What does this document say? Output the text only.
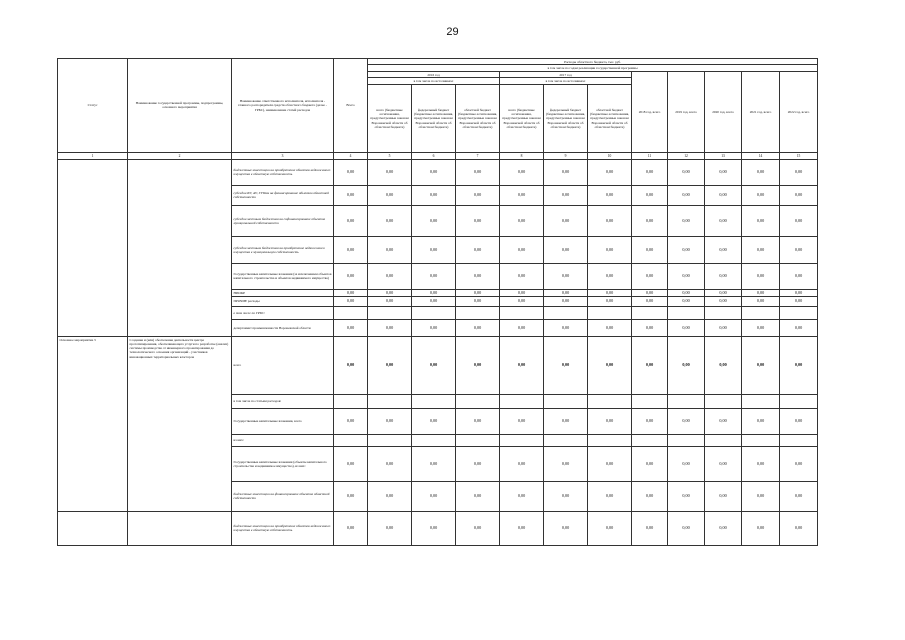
29
Статус	Наименование государственной программы, подпрограммы, основного мероприятия	Наименование ответственного исполнителя, исполнителя - главного распорядителя средств областного бюджета (далее - ГРБС), наименование статей расходов	Всего	Расходы областного бюджета, тыс. руб.										
				в том числе по годам реализации государственной программы										
				2016 год			2017 год			2018 год, всего	2019 год, всего	2020 год, всего	2021 год, всего	2022 год, всего
				в том числе по источникам:			в том числе по источникам:							
				всего (бюджетные ассигнования, предусмотренные законом Воронежской области об областном бюджете)	федеральный бюджет (бюджетные ассигнования, предусмотренные законом Воронежской области об областном бюджете)	областной бюджет (бюджетные ассигнования, предусмотренные законом Воронежской области об областном бюджете)	всего (бюджетные ассигнования, предусмотренные законом Воронежской области об областном бюджете)	федеральный бюджет (бюджетные ассигнования, предусмотренные законом Воронежской области об областном бюджете)	областной бюджет (бюджетные ассигнования, предусмотренные законом Воронежской области об областном бюджете)					
1	2	3	4	5	6	7	8	9	10	11	12	13	14	15
		бюджетные инвестиции на приобретение объектов недвижимого имущества в областную собственность	0,00	0,00	0,00	0,00	0,00	0,00	0,00	0,00	0,00	0,00	0,00	0,00
		субсидии БУ, АУ, ГУПам на финансирование объектов областной собственности	0,00	0,00	0,00	0,00	0,00	0,00	0,00	0,00	0,00	0,00	0,00	0,00
		субсидии местным бюджетам на софинансирование объектов муниципальной собственности	0,00	0,00	0,00	0,00	0,00	0,00	0,00	0,00	0,00	0,00	0,00	0,00
		субсидии местным бюджетам на приобретение недвижимого имущества в муниципальную собственность	0,00	0,00	0,00	0,00	0,00	0,00	0,00	0,00	0,00	0,00	0,00	0,00
		Государственные капитальные вложения (за исключением объектов капитального строительства и объектов недвижимого имущества)	0,00	0,00	0,00	0,00	0,00	0,00	0,00	0,00	0,00	0,00	0,00	0,00
		НИОКР	0,00	0,00	0,00	0,00	0,00	0,00	0,00	0,00	0,00	0,00	0,00	0,00
		ПРОЧИЕ расходы	0,00	0,00	0,00	0,00	0,00	0,00	0,00	0,00	0,00	0,00	0,00	0,00
		в том числе по ГРБС:												
		департамент промышленности Воронежской области	0,00	0,00	0,00	0,00	0,00	0,00	0,00	0,00	0,00	0,00	0,00	0,00
Основное мероприятие 3	Создание и (или) обеспечение деятельности центра прототипирования, обеспечивающего услуги по разработке (анализ) системы производства от инженерного проектирования до технологического освоения организаций - участников инновационных территориальных кластеров	всего	0,00	0,00	0,00	0,00	0,00	0,00	0,00	0,00	0,00	0,00	0,00	0,00
		в том числе по статьям расходов:												
		Государственные капитальные вложения, всего	0,00	0,00	0,00	0,00	0,00	0,00	0,00	0,00	0,00	0,00	0,00	0,00
		из них:												
		Государственные капитальные вложения (объекты капитального строительства и недвижимое имущество), из них:	0,00	0,00	0,00	0,00	0,00	0,00	0,00	0,00	0,00	0,00	0,00	0,00
		бюджетные инвестиции на финансирование объектов областной собственности	0,00	0,00	0,00	0,00	0,00	0,00	0,00	0,00	0,00	0,00	0,00	0,00
		бюджетные инвестиции на приобретение объектов недвижимого имущества в областную собственность	0,00	0,00	0,00	0,00	0,00	0,00	0,00	0,00	0,00	0,00	0,00	0,00
